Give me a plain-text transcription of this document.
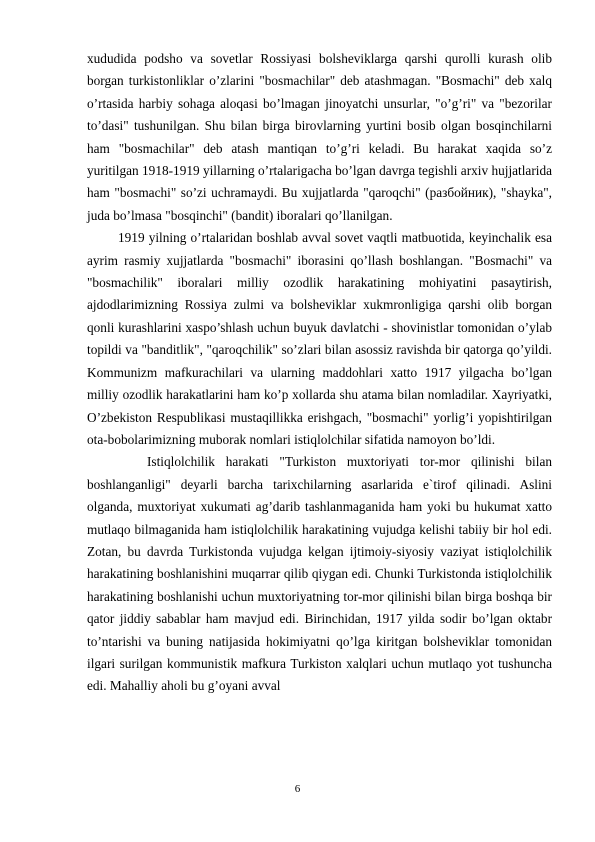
xududida podsho va sovetlar Rossiyasi bolsheviklarga qarshi qurolli kurash olib borgan turkistonliklar o’zlarini "bosmachilar" deb atashmagan. "Bosmachi" deb xalq o’rtasida harbiy sohaga aloqasi bo’lmagan jinoyatchi unsurlar, "o’g’ri" va "bezorilar to’dasi" tushunilgan. Shu bilan birga birovlarning yurtini bosib olgan bosqinchilarni ham "bosmachilar" deb atash mantiqan to’g’ri keladi. Bu harakat xaqida so’z yuritilgan 1918-1919 yillarning o’rtalarigacha bo’lgan davrga tegishli arxiv hujjatlarida ham "bosmachi" so’zi uchramaydi. Bu xujjatlarda "qaroqchi" (разбойник), "shayka", juda bo’lmasa "bosqinchi" (bandit) iboralari qo’llanilgan.

1919 yilning o’rtalaridan boshlab avval sovet vaqtli matbuotida, keyinchalik esa ayrim rasmiy xujjatlarda "bosmachi" iborasini qo’llash boshlangan. "Bosmachi" va "bosmachilik" iboralari milliy ozodlik harakatining mohiyatini pasaytirish, ajdodlarimizning Rossiya zulmi va bolsheviklar xukmronligiga qarshi olib borgan qonli kurashlarini xaspo’shlash uchun buyuk davlatchi - shovinistlar tomonidan o’ylab topildi va "banditlik", "qaroqchilik" so’zlari bilan asossiz ravishda bir qatorga qo’yildi. Kommunizm mafkurachilari va ularning maddohlari xatto 1917 yilgacha bo’lgan milliy ozodlik harakatlarini ham ko’p xollarda shu atama bilan nomladilar. Xayriyatki, O’zbekiston Respublikasi mustaqillikka erishgach, "bosmachi" yorlig’i yopishtirilgan ota-bobolarimizning muborak nomlari istiqlolchilar sifatida namoyon bo’ldi.

Istiqlolchilik harakati "Turkiston muxtoriyati tor-mor qilinishi bilan boshlanganligi" deyarli barcha tarixchilarning asarlarida e`tirof qilinadi. Aslini olganda, muxtoriyat xukumati ag’darib tashlanmaganida ham yoki bu hukumat xatto mutlaqo bilmaganida ham istiqlolchilik harakatining vujudga kelishi tabiiy bir hol edi. Zotan, bu davrda Turkistonda vujudga kelgan ijtimoiy-siyosiy vaziyat istiqlolchilik harakatining boshlanishini muqarrar qilib qiygan edi. Chunki Turkistonda istiqlolchilik harakatining boshlanishi uchun muxtoriyatning tor-mor qilinishi bilan birga boshqa bir qator jiddiy sabablar ham mavjud edi. Birinchidan, 1917 yilda sodir bo’lgan oktabr to’ntarishi va buning natijasida hokimiyatni qo’lga kiritgan bolsheviklar tomonidan ilgari surilgan kommunistik mafkura Turkiston xalqlari uchun mutlaqo yot tushuncha edi. Mahalliy aholi bu g’oyani avval

6
